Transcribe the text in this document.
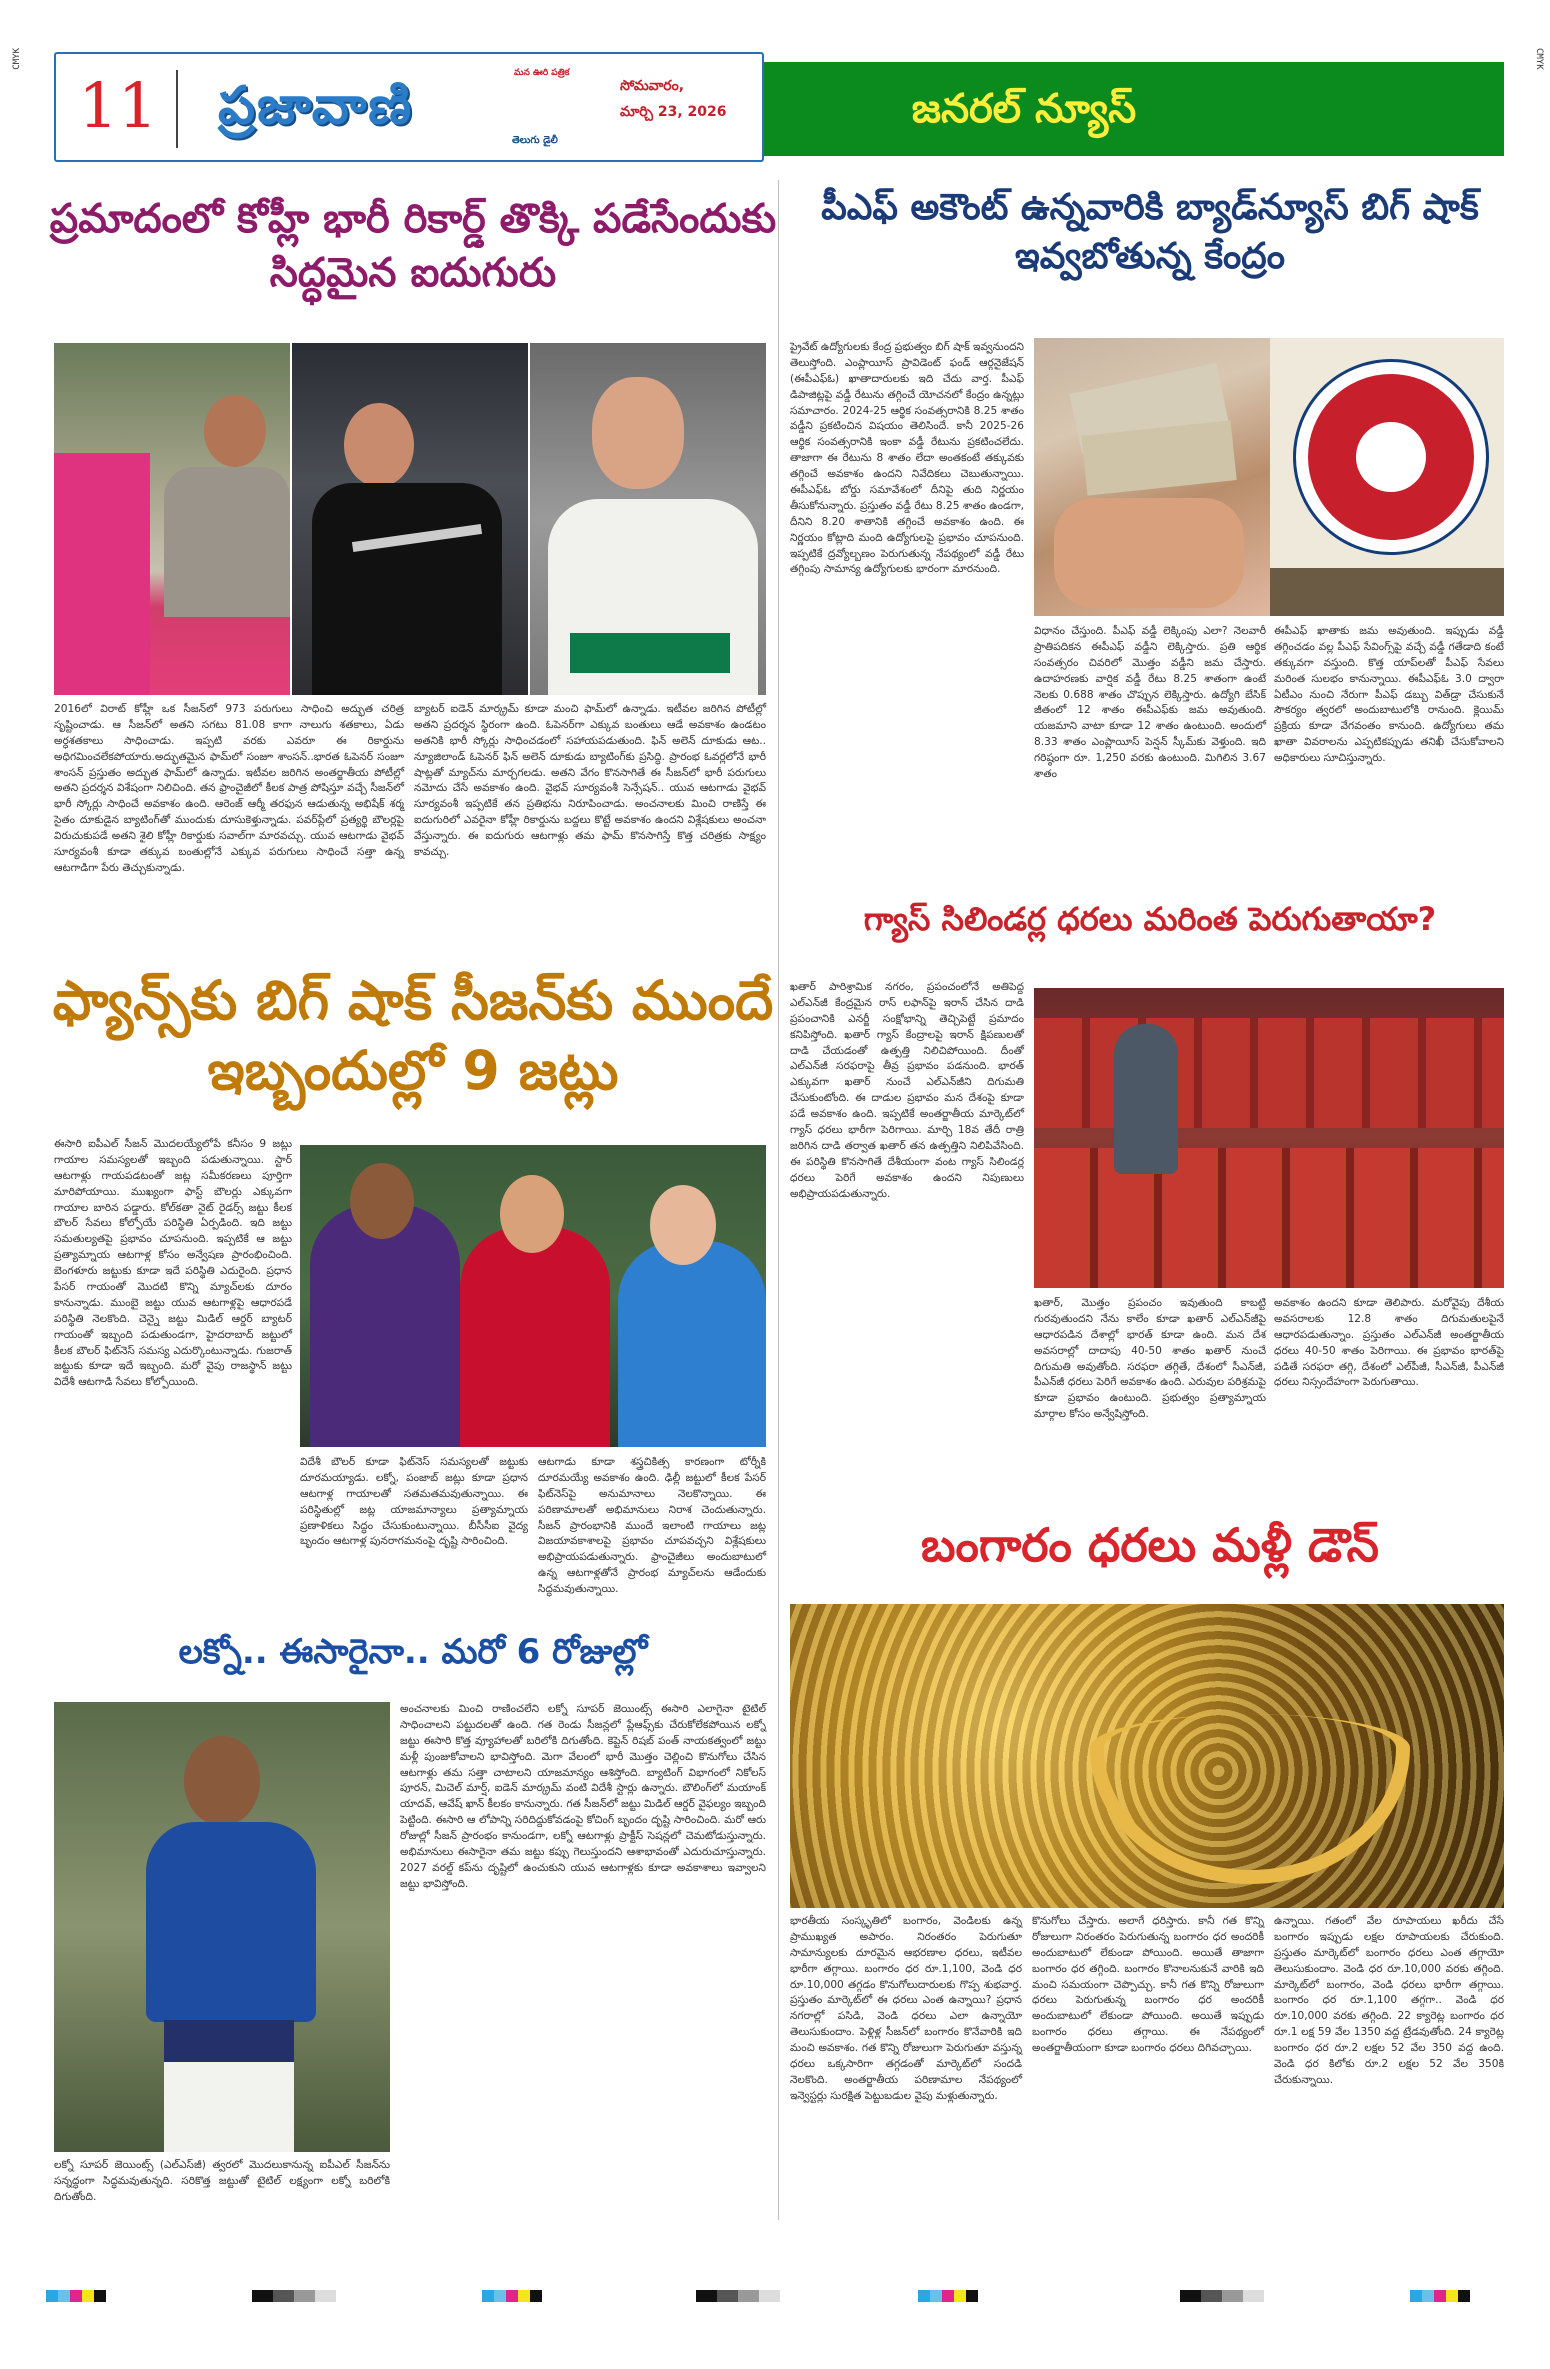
CMYK	CMYK
11	మన ఊరి పత్రిక
ప్రజావాణి
తెలుగు డైలీ
సోమవారం,
మార్చి 23, 2026	జనరల్ న్యూస్
ప్రమాదంలో కోహ్లీ భారీ రికార్డ్ తొక్కి పడేసేందుకు సిద్ధమైన ఐదుగురు
2016లో విరాట్ కోహ్లీ ఒక సీజన్‌లో 973 పరుగులు సాధించి అద్భుత చరిత్ర సృష్టించాడు. ఆ సీజన్‌లో అతని సగటు 81.08 కాగా నాలుగు శతకాలు, ఏడు అర్ధశతకాలు సాధించాడు. ఇప్పటి వరకు ఎవరూ ఈ రికార్డును అధిగమించలేకపోయారు.అద్భుతమైన ఫామ్‌లో సంజూ శాంసన్..భారత ఓపెనర్ సంజూ శాంసన్ ప్రస్తుతం అద్భుత ఫామ్‌లో ఉన్నాడు. ఇటీవల జరిగిన అంతర్జాతీయ పోటీల్లో అతని ప్రదర్శన విశేషంగా నిలిచింది. తన ఫ్రాంచైజీలో కీలక పాత్ర పోషిస్తూ వచ్చే సీజన్‌లో భారీ స్కోర్లు సాధించే అవకాశం ఉంది. ఆరెంజ్ ఆర్మీ తరఫున ఆడుతున్న అభిషేక్ శర్మ సైతం దూకుడైన బ్యాటింగ్‌తో ముందుకు దూసుకెళ్తున్నాడు. పవర్‌ప్లేలో ప్రత్యర్థి బౌలర్లపై విరుచుకుపడే అతని శైలి కోహ్లీ రికార్డుకు సవాల్‌గా మారవచ్చు. యువ ఆటగాడు వైభవ్ సూర్యవంశీ కూడా తక్కువ బంతుల్లోనే ఎక్కువ పరుగులు సాధించే సత్తా ఉన్న ఆటగాడిగా పేరు తెచ్చుకున్నాడు.
బ్యాటర్ ఐడెన్ మార్క్రమ్ కూడా మంచి ఫామ్‌లో ఉన్నాడు. ఇటీవల జరిగిన పోటీల్లో అతని ప్రదర్శన స్థిరంగా ఉంది. ఓపెనర్‌గా ఎక్కువ బంతులు ఆడే అవకాశం ఉండటం అతనికి భారీ స్కోర్లు సాధించడంలో సహాయపడుతుంది. ఫిన్ అలెన్ దూకుడు ఆట.. న్యూజిలాండ్ ఓపెనర్ ఫిన్ అలెన్ దూకుడు బ్యాటింగ్‌కు ప్రసిద్ధి. ప్రారంభ ఓవర్లలోనే భారీ షాట్లతో మ్యాచ్‌ను మార్చగలడు. అతని వేగం కొనసాగితే ఈ సీజన్‌లో భారీ పరుగులు నమోదు చేసే అవకాశం ఉంది. వైభవ్ సూర్యవంశీ సెన్సేషన్.. యువ ఆటగాడు వైభవ్ సూర్యవంశీ ఇప్పటికే తన ప్రతిభను నిరూపించాడు. అంచనాలకు మించి రాణిస్తే ఈ ఐదుగురిలో ఎవరైనా కోహ్లీ రికార్డును బద్దలు కొట్టే అవకాశం ఉందని విశ్లేషకులు అంచనా వేస్తున్నారు. ఈ ఐదుగురు ఆటగాళ్లు తమ ఫామ్ కొనసాగిస్తే కొత్త చరిత్రకు సాక్ష్యం కావచ్చు.
ఫ్యాన్స్‌కు బిగ్ షాక్ సీజన్‌కు ముందే ఇబ్బందుల్లో 9 జట్లు
ఈసారి ఐపీఎల్ సీజన్ మొదలయ్యేలోపే కనీసం 9 జట్లు గాయాల సమస్యలతో ఇబ్బంది పడుతున్నాయి. స్టార్ ఆటగాళ్లు గాయపడటంతో జట్ల సమీకరణలు పూర్తిగా మారిపోయాయి. ముఖ్యంగా ఫాస్ట్ బౌలర్లు ఎక్కువగా గాయాల బారిన పడ్డారు. కోల్‌కతా నైట్ రైడర్స్ జట్టు కీలక బౌలర్ సేవలు కోల్పోయే పరిస్థితి ఏర్పడింది. ఇది జట్టు సమతుల్యతపై ప్రభావం చూపనుంది. ఇప్పటికే ఆ జట్టు ప్రత్యామ్నాయ ఆటగాళ్ల కోసం అన్వేషణ ప్రారంభించింది. బెంగళూరు జట్టుకు కూడా ఇదే పరిస్థితి ఎదురైంది. ప్రధాన పేసర్ గాయంతో మొదటి కొన్ని మ్యాచ్‌లకు దూరం కానున్నాడు. ముంబై జట్టు యువ ఆటగాళ్లపై ఆధారపడే పరిస్థితి నెలకొంది. చెన్నై జట్టు మిడిల్ ఆర్డర్ బ్యాటర్ గాయంతో ఇబ్బంది పడుతుండగా, హైదరాబాద్ జట్టులో కీలక బౌలర్ ఫిట్‌నెస్ సమస్య ఎదుర్కొంటున్నాడు. గుజరాత్ జట్టుకు కూడా ఇదే ఇబ్బంది. మరో వైపు రాజస్థాన్ జట్టు విదేశీ ఆటగాడి సేవలు కోల్పోయింది.
విదేశీ బౌలర్ కూడా ఫిట్‌నెస్ సమస్యలతో జట్టుకు దూరమయ్యాడు. లక్నో, పంజాబ్ జట్లు కూడా ప్రధాన ఆటగాళ్ల గాయాలతో సతమతమవుతున్నాయి. ఈ పరిస్థితుల్లో జట్ల యాజమాన్యాలు ప్రత్యామ్నాయ ప్రణాళికలు సిద్ధం చేసుకుంటున్నాయి. బీసీసీఐ వైద్య బృందం ఆటగాళ్ల పునరాగమనంపై దృష్టి సారించింది.
ఆటగాడు కూడా శస్త్రచికిత్స కారణంగా టోర్నీకి దూరమయ్యే అవకాశం ఉంది. ఢిల్లీ జట్టులో కీలక పేసర్ ఫిట్‌నెస్‌పై అనుమానాలు నెలకొన్నాయి. ఈ పరిణామాలతో అభిమానులు నిరాశ చెందుతున్నారు. సీజన్ ప్రారంభానికి ముందే ఇలాంటి గాయాలు జట్ల విజయావకాశాలపై ప్రభావం చూపవచ్చని విశ్లేషకులు అభిప్రాయపడుతున్నారు. ఫ్రాంచైజీలు అందుబాటులో ఉన్న ఆటగాళ్లతోనే ప్రారంభ మ్యాచ్‌లను ఆడేందుకు సిద్ధమవుతున్నాయి.
లక్నో.. ఈసారైనా.. మరో 6 రోజుల్లో
లక్నో సూపర్ జెయింట్స్ (ఎల్ఎస్‌జీ) త్వరలో మొదలుకానున్న ఐపీఎల్ సీజన్‌ను సన్నద్ధంగా సిద్ధమవుతున్నది. సరికొత్త జట్టుతో టైటిల్ లక్ష్యంగా లక్నో బరిలోకి దిగుతోంది.
అంచనాలకు మించి రాణించలేని లక్నో సూపర్ జెయింట్స్ ఈసారి ఎలాగైనా టైటిల్ సాధించాలని పట్టుదలతో ఉంది. గత రెండు సీజన్లలో ప్లేఆఫ్స్‌కు చేరుకోలేకపోయిన లక్నో జట్టు ఈసారి కొత్త వ్యూహాలతో బరిలోకి దిగుతోంది. కెప్టెన్ రిషబ్ పంత్ నాయకత్వంలో జట్టు మళ్లీ పుంజుకోవాలని భావిస్తోంది. మెగా వేలంలో భారీ మొత్తం చెల్లించి కొనుగోలు చేసిన ఆటగాళ్లు తమ సత్తా చాటాలని యాజమాన్యం ఆశిస్తోంది. బ్యాటింగ్ విభాగంలో నికోలస్ పూరన్, మిచెల్ మార్ష్, ఐడెన్ మార్క్రమ్ వంటి విదేశీ స్టార్లు ఉన్నారు. బౌలింగ్‌లో మయాంక్ యాదవ్, ఆవేష్ ఖాన్ కీలకం కానున్నారు. గత సీజన్‌లో జట్టు మిడిల్ ఆర్డర్ వైఫల్యం ఇబ్బంది పెట్టింది. ఈసారి ఆ లోపాన్ని సరిదిద్దుకోవడంపై కోచింగ్ బృందం దృష్టి సారించింది. మరో ఆరు రోజుల్లో సీజన్ ప్రారంభం కానుండగా, లక్నో ఆటగాళ్లు ప్రాక్టీస్ సెషన్లలో చెమటోడుస్తున్నారు. అభిమానులు ఈసారైనా తమ జట్టు కప్పు గెలుస్తుందని ఆశాభావంతో ఎదురుచూస్తున్నారు. 2027 వరల్డ్ కప్‌ను దృష్టిలో ఉంచుకుని యువ ఆటగాళ్లకు కూడా అవకాశాలు ఇవ్వాలని జట్టు భావిస్తోంది.
పీఎఫ్ అకౌంట్ ఉన్నవారికి బ్యాడ్‌న్యూస్ బిగ్ షాక్ ఇవ్వబోతున్న కేంద్రం
ప్రైవేట్ ఉద్యోగులకు కేంద్ర ప్రభుత్వం బిగ్ షాక్ ఇవ్వనుందని తెలుస్తోంది. ఎంప్లాయీస్ ప్రావిడెంట్ ఫండ్ ఆర్గనైజేషన్ (ఈపీఎఫ్ఓ) ఖాతాదారులకు ఇది చేదు వార్త. పీఎఫ్ డిపాజిట్లపై వడ్డీ రేటును తగ్గించే యోచనలో కేంద్రం ఉన్నట్లు సమాచారం. 2024-25 ఆర్థిక సంవత్సరానికి 8.25 శాతం వడ్డీని ప్రకటించిన విషయం తెలిసిందే. కానీ 2025-26 ఆర్థిక సంవత్సరానికి ఇంకా వడ్డీ రేటును ప్రకటించలేదు. తాజాగా ఈ రేటును 8 శాతం లేదా అంతకంటే తక్కువకు తగ్గించే అవకాశం ఉందని నివేదికలు చెబుతున్నాయి. ఈపీఎఫ్ఓ బోర్డు సమావేశంలో దీనిపై తుది నిర్ణయం తీసుకోనున్నారు. ప్రస్తుతం వడ్డీ రేటు 8.25 శాతం ఉండగా, దీనిని 8.20 శాతానికి తగ్గించే అవకాశం ఉంది. ఈ నిర్ణయం కోట్లాది మంది ఉద్యోగులపై ప్రభావం చూపనుంది. ఇప్పటికే ద్రవ్యోల్బణం పెరుగుతున్న నేపథ్యంలో వడ్డీ రేటు తగ్గింపు సామాన్య ఉద్యోగులకు భారంగా మారనుంది.
విధానం చేస్తుంది. పీఎఫ్ వడ్డీ లెక్కింపు ఎలా? నెలవారీ ప్రాతిపదికన ఈపీఎఫ్ వడ్డీని లెక్కిస్తారు. ప్రతి ఆర్థిక సంవత్సరం చివరిలో మొత్తం వడ్డీని జమ చేస్తారు. ఉదాహరణకు వార్షిక వడ్డీ రేటు 8.25 శాతంగా ఉంటే నెలకు 0.688 శాతం చొప్పున లెక్కిస్తారు. ఉద్యోగి బేసిక్ జీతంలో 12 శాతం ఈపీఎఫ్‌కు జమ అవుతుంది. యజమాని వాటా కూడా 12 శాతం ఉంటుంది. అందులో 8.33 శాతం ఎంప్లాయీస్ పెన్షన్ స్కీమ్‌కు వెళ్తుంది. ఇది గరిష్ఠంగా రూ. 1,250 వరకు ఉంటుంది. మిగిలిన 3.67 శాతం
ఈపీఎఫ్ ఖాతాకు జమ అవుతుంది. ఇప్పుడు వడ్డీ తగ్గించడం వల్ల పీఎఫ్ సేవింగ్స్‌పై వచ్చే వడ్డీ గతేడాది కంటే తక్కువగా వస్తుంది. కొత్త యాప్‌లతో పీఎఫ్ సేవలు మరింత సులభం కానున్నాయి. ఈపీఎఫ్ఓ 3.0 ద్వారా ఏటీఎం నుంచి నేరుగా పీఎఫ్ డబ్బు విత్‌డ్రా చేసుకునే సౌకర్యం త్వరలో అందుబాటులోకి రానుంది. క్లెయిమ్ ప్రక్రియ కూడా వేగవంతం కానుంది. ఉద్యోగులు తమ ఖాతా వివరాలను ఎప్పటికప్పుడు తనిఖీ చేసుకోవాలని అధికారులు సూచిస్తున్నారు.
గ్యాస్ సిలిండర్ల ధరలు మరింత పెరుగుతాయా?
ఖతార్ పారిశ్రామిక నగరం, ప్రపంచంలోనే అతిపెద్ద ఎల్ఎన్‌జీ కేంద్రమైన రాస్ లఫాన్‌పై ఇరాన్ చేసిన దాడి ప్రపంచానికి ఎనర్జీ సంక్షోభాన్ని తెచ్చిపెట్టే ప్రమాదం కనిపిస్తోంది. ఖతార్ గ్యాస్ కేంద్రాలపై ఇరాన్ క్షిపణులతో దాడి చేయడంతో ఉత్పత్తి నిలిచిపోయింది. దీంతో ఎల్ఎన్‌జీ సరఫరాపై తీవ్ర ప్రభావం పడనుంది. భారత్ ఎక్కువగా ఖతార్ నుంచే ఎల్ఎన్‌జీని దిగుమతి చేసుకుంటోంది. ఈ దాడుల ప్రభావం మన దేశంపై కూడా పడే అవకాశం ఉంది. ఇప్పటికే అంతర్జాతీయ మార్కెట్‌లో గ్యాస్ ధరలు భారీగా పెరిగాయి. మార్చి 18వ తేదీ రాత్రి జరిగిన దాడి తర్వాత ఖతార్ తన ఉత్పత్తిని నిలిపివేసింది. ఈ పరిస్థితి కొనసాగితే దేశీయంగా వంట గ్యాస్ సిలిండర్ల ధరలు పెరిగే అవకాశం ఉందని నిపుణులు అభిప్రాయపడుతున్నారు.
ఖతార్, మొత్తం ప్రపంచం ఇవుతుంది కాబట్టి గురవుతుందని నేను కాలేం కూడా ఖతార్ ఎల్ఎన్‌జీపై ఆధారపడిన దేశాల్లో భారత్ కూడా ఉంది. మన దేశ అవసరాల్లో దాదాపు 40-50 శాతం ఖతార్ నుంచే దిగుమతి అవుతోంది. సరఫరా తగ్గితే, దేశంలో సీఎన్‌జీ, పీఎన్‌జీ ధరలు పెరిగే అవకాశం ఉంది. ఎరువుల పరిశ్రమపై కూడా ప్రభావం ఉంటుంది. ప్రభుత్వం ప్రత్యామ్నాయ మార్గాల కోసం అన్వేషిస్తోంది.
అవకాశం ఉందని కూడా తెలిపారు. మరోవైపు దేశీయ అవసరాలకు 12.8 శాతం దిగుమతులపైనే ఆధారపడుతున్నాం. ప్రస్తుతం ఎల్ఎన్‌జీ అంతర్జాతీయ ధరలు 40-50 శాతం పెరిగాయి. ఈ ప్రభావం భారత్‌పై పడితే సరఫరా తగ్గి, దేశంలో ఎల్‌పీజీ, సీఎన్‌జీ, పీఎన్‌జీ ధరలు నిస్సందేహంగా పెరుగుతాయి.
బంగారం ధరలు మళ్లీ డౌన్
భారతీయ సంస్కృతిలో బంగారం, వెండిలకు ఉన్న ప్రాముఖ్యత అపారం. నిరంతరం పెరుగుతూ సామాన్యులకు దూరమైన ఆభరణాల ధరలు, ఇటీవల భారీగా తగ్గాయి. బంగారం ధర రూ.1,100, వెండి ధర రూ.10,000 తగ్గడం కొనుగోలుదారులకు గొప్ప శుభవార్త. ప్రస్తుతం మార్కెట్‌లో ఈ ధరలు ఎంత ఉన్నాయి? ప్రధాన నగరాల్లో పసిడి, వెండి ధరలు ఎలా ఉన్నాయో తెలుసుకుందాం. పెళ్లిళ్ల సీజన్‌లో బంగారం కొనేవారికి ఇది మంచి అవకాశం. గత కొన్ని రోజులుగా పెరుగుతూ వస్తున్న ధరలు ఒక్కసారిగా తగ్గడంతో మార్కెట్‌లో సందడి నెలకొంది. అంతర్జాతీయ పరిణామాల నేపథ్యంలో ఇన్వెస్టర్లు సురక్షిత పెట్టుబడుల వైపు మళ్లుతున్నారు.
కొనుగోలు చేస్తారు. అలాగే ధరిస్తారు. కానీ గత కొన్ని రోజులుగా నిరంతరం పెరుగుతున్న బంగారం ధర అందరికీ అందుబాటులో లేకుండా పోయింది. అయితే తాజాగా బంగారం ధర తగ్గింది. బంగారం కొనాలనుకునే వారికి ఇది మంచి సమయంగా చెప్పొచ్చు. కానీ గత కొన్ని రోజులుగా ధరలు పెరుగుతున్న బంగారం ధర అందరికీ అందుబాటులో లేకుండా పోయింది. అయితే ఇప్పుడు బంగారం ధరలు తగ్గాయి. ఈ నేపథ్యంలో అంతర్జాతీయంగా కూడా బంగారం ధరలు దిగివచ్చాయి.
ఉన్నాయి. గతంలో వేల రూపాయలు ఖరీదు చేసే బంగారం ఇప్పుడు లక్షల రూపాయలకు చేరుకుంది. ప్రస్తుతం మార్కెట్‌లో బంగారం ధరలు ఎంత తగ్గాయో తెలుసుకుందాం. వెండి ధర రూ.10,000 వరకు తగ్గింది. మార్కెట్‌లో బంగారం, వెండి ధరలు భారీగా తగ్గాయి. బంగారం ధర రూ.1,100 తగ్గగా.. వెండి ధర రూ.10,000 వరకు తగ్గింది. 22 క్యారెట్ల బంగారం ధర రూ.1 లక్ష 59 వేల 1350 వద్ద ట్రేడవుతోంది. 24 క్యారెట్ల బంగారం ధర రూ.2 లక్షల 52 వేల 350 వద్ద ఉంది. వెండి ధర కిలోకు రూ.2 లక్షల 52 వేల 350కి చేరుకున్నాయి.
